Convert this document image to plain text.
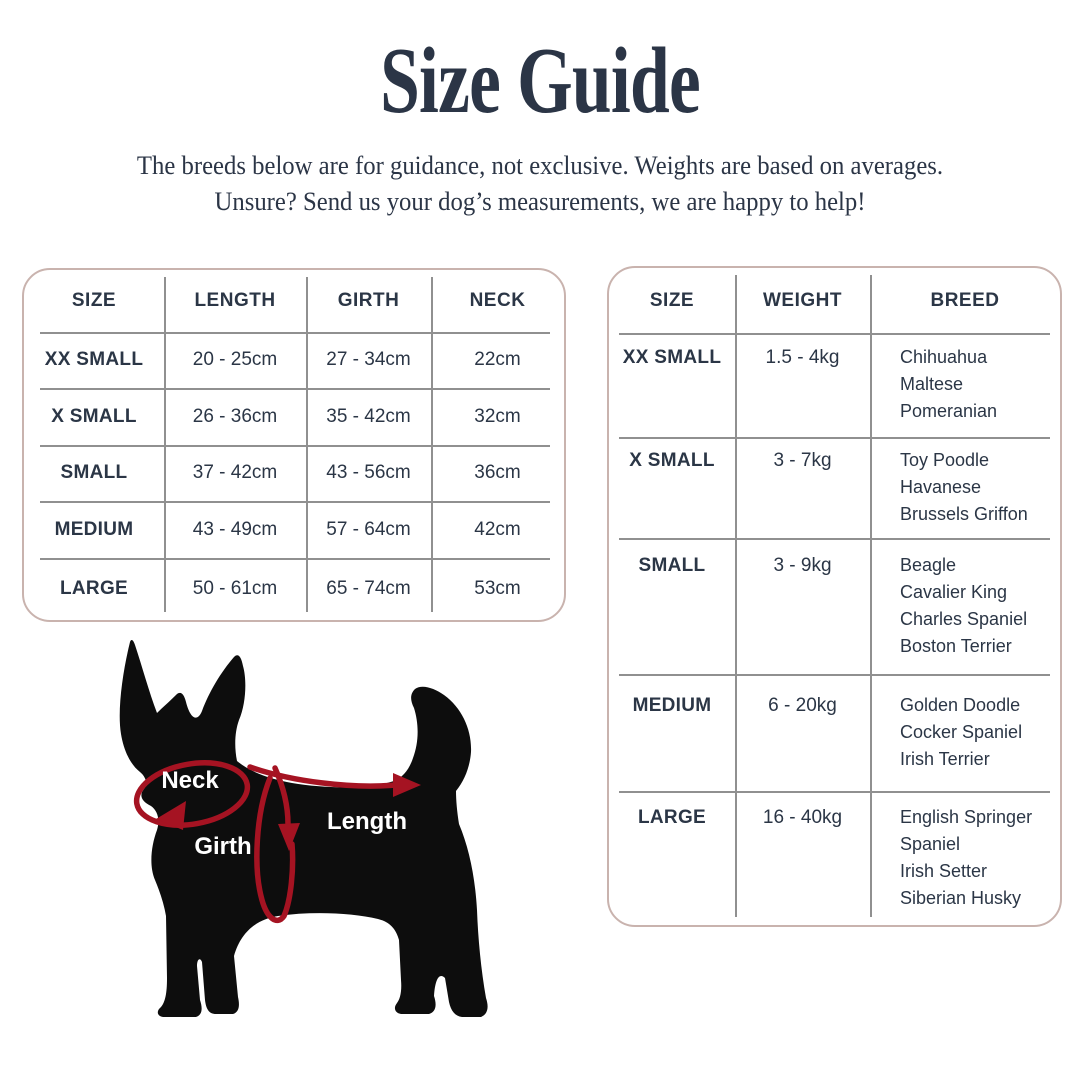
Size Guide
The breeds below are for guidance, not exclusive. Weights are based on averages.
Unsure? Send us your dog’s measurements, we are happy to help!
SIZE	LENGTH	GIRTH	NECK
XX SMALL	20 - 25cm	27 - 34cm	22cm
X SMALL	26 - 36cm	35 - 42cm	32cm
SMALL	37 - 42cm	43 - 56cm	36cm
MEDIUM	43 - 49cm	57 - 64cm	42cm
LARGE	50 - 61cm	65 - 74cm	53cm
SIZE	WEIGHT	BREED
XX SMALL	1.5 - 4kg	Chihuahua
Maltese
Pomeranian
X SMALL	3 - 7kg	Toy Poodle
Havanese
Brussels Griffon
SMALL	3 - 9kg	Beagle
Cavalier King
Charles Spaniel
Boston Terrier
MEDIUM	6 - 20kg	Golden Doodle
Cocker Spaniel
Irish Terrier
LARGE	16 - 40kg	English Springer
Spaniel
Irish Setter
Siberian Husky
Neck
Girth
Length
